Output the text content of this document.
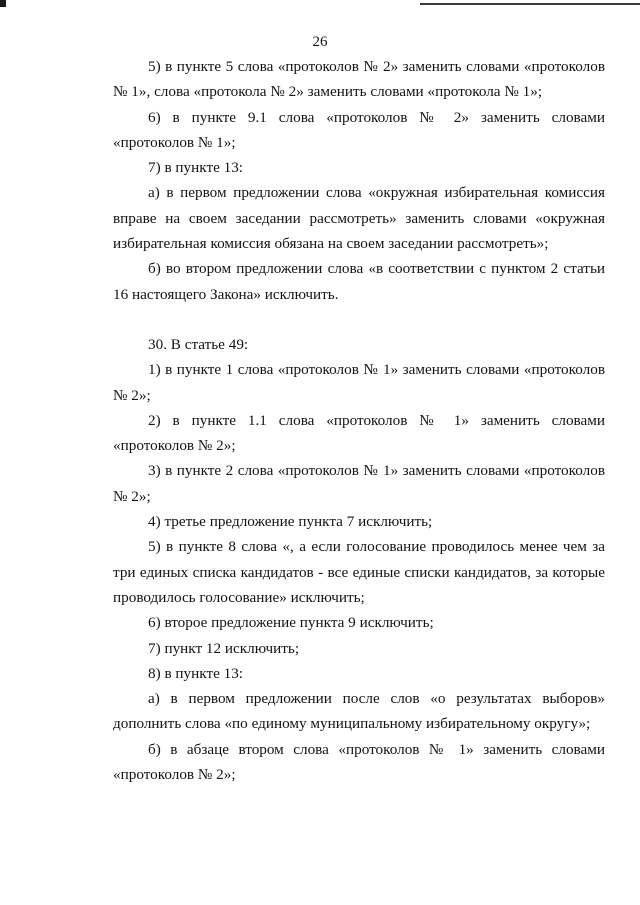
26

5) в пункте 5 слова «протоколов № 2» заменить словами «протоколов № 1», слова «протокола № 2» заменить словами «протокола № 1»;

6) в пункте 9.1 слова «протоколов № 2» заменить словами «протоколов № 1»;

7) в пункте 13:

а) в первом предложении слова «окружная избирательная комиссия вправе на своем заседании рассмотреть» заменить словами «окружная избирательная комиссия обязана на своем заседании рассмотреть»;

б) во втором предложении слова «в соответствии с пунктом 2 статьи 16 настоящего Закона» исключить.

30. В статье 49:

1) в пункте 1 слова «протоколов № 1» заменить словами «протоколов № 2»;

2) в пункте 1.1 слова «протоколов № 1» заменить словами «протоколов № 2»;

3) в пункте 2 слова «протоколов № 1» заменить словами «протоколов № 2»;

4) третье предложение пункта 7 исключить;

5) в пункте 8 слова «, а если голосование проводилось менее чем за три единых списка кандидатов - все единые списки кандидатов, за которые проводилось голосование» исключить;

6) второе предложение пункта 9 исключить;

7) пункт 12 исключить;

8) в пункте 13:

а) в первом предложении после слов «о результатах выборов» дополнить слова «по единому муниципальному избирательному округу»;

б) в абзаце втором слова «протоколов № 1» заменить словами «протоколов № 2»;
